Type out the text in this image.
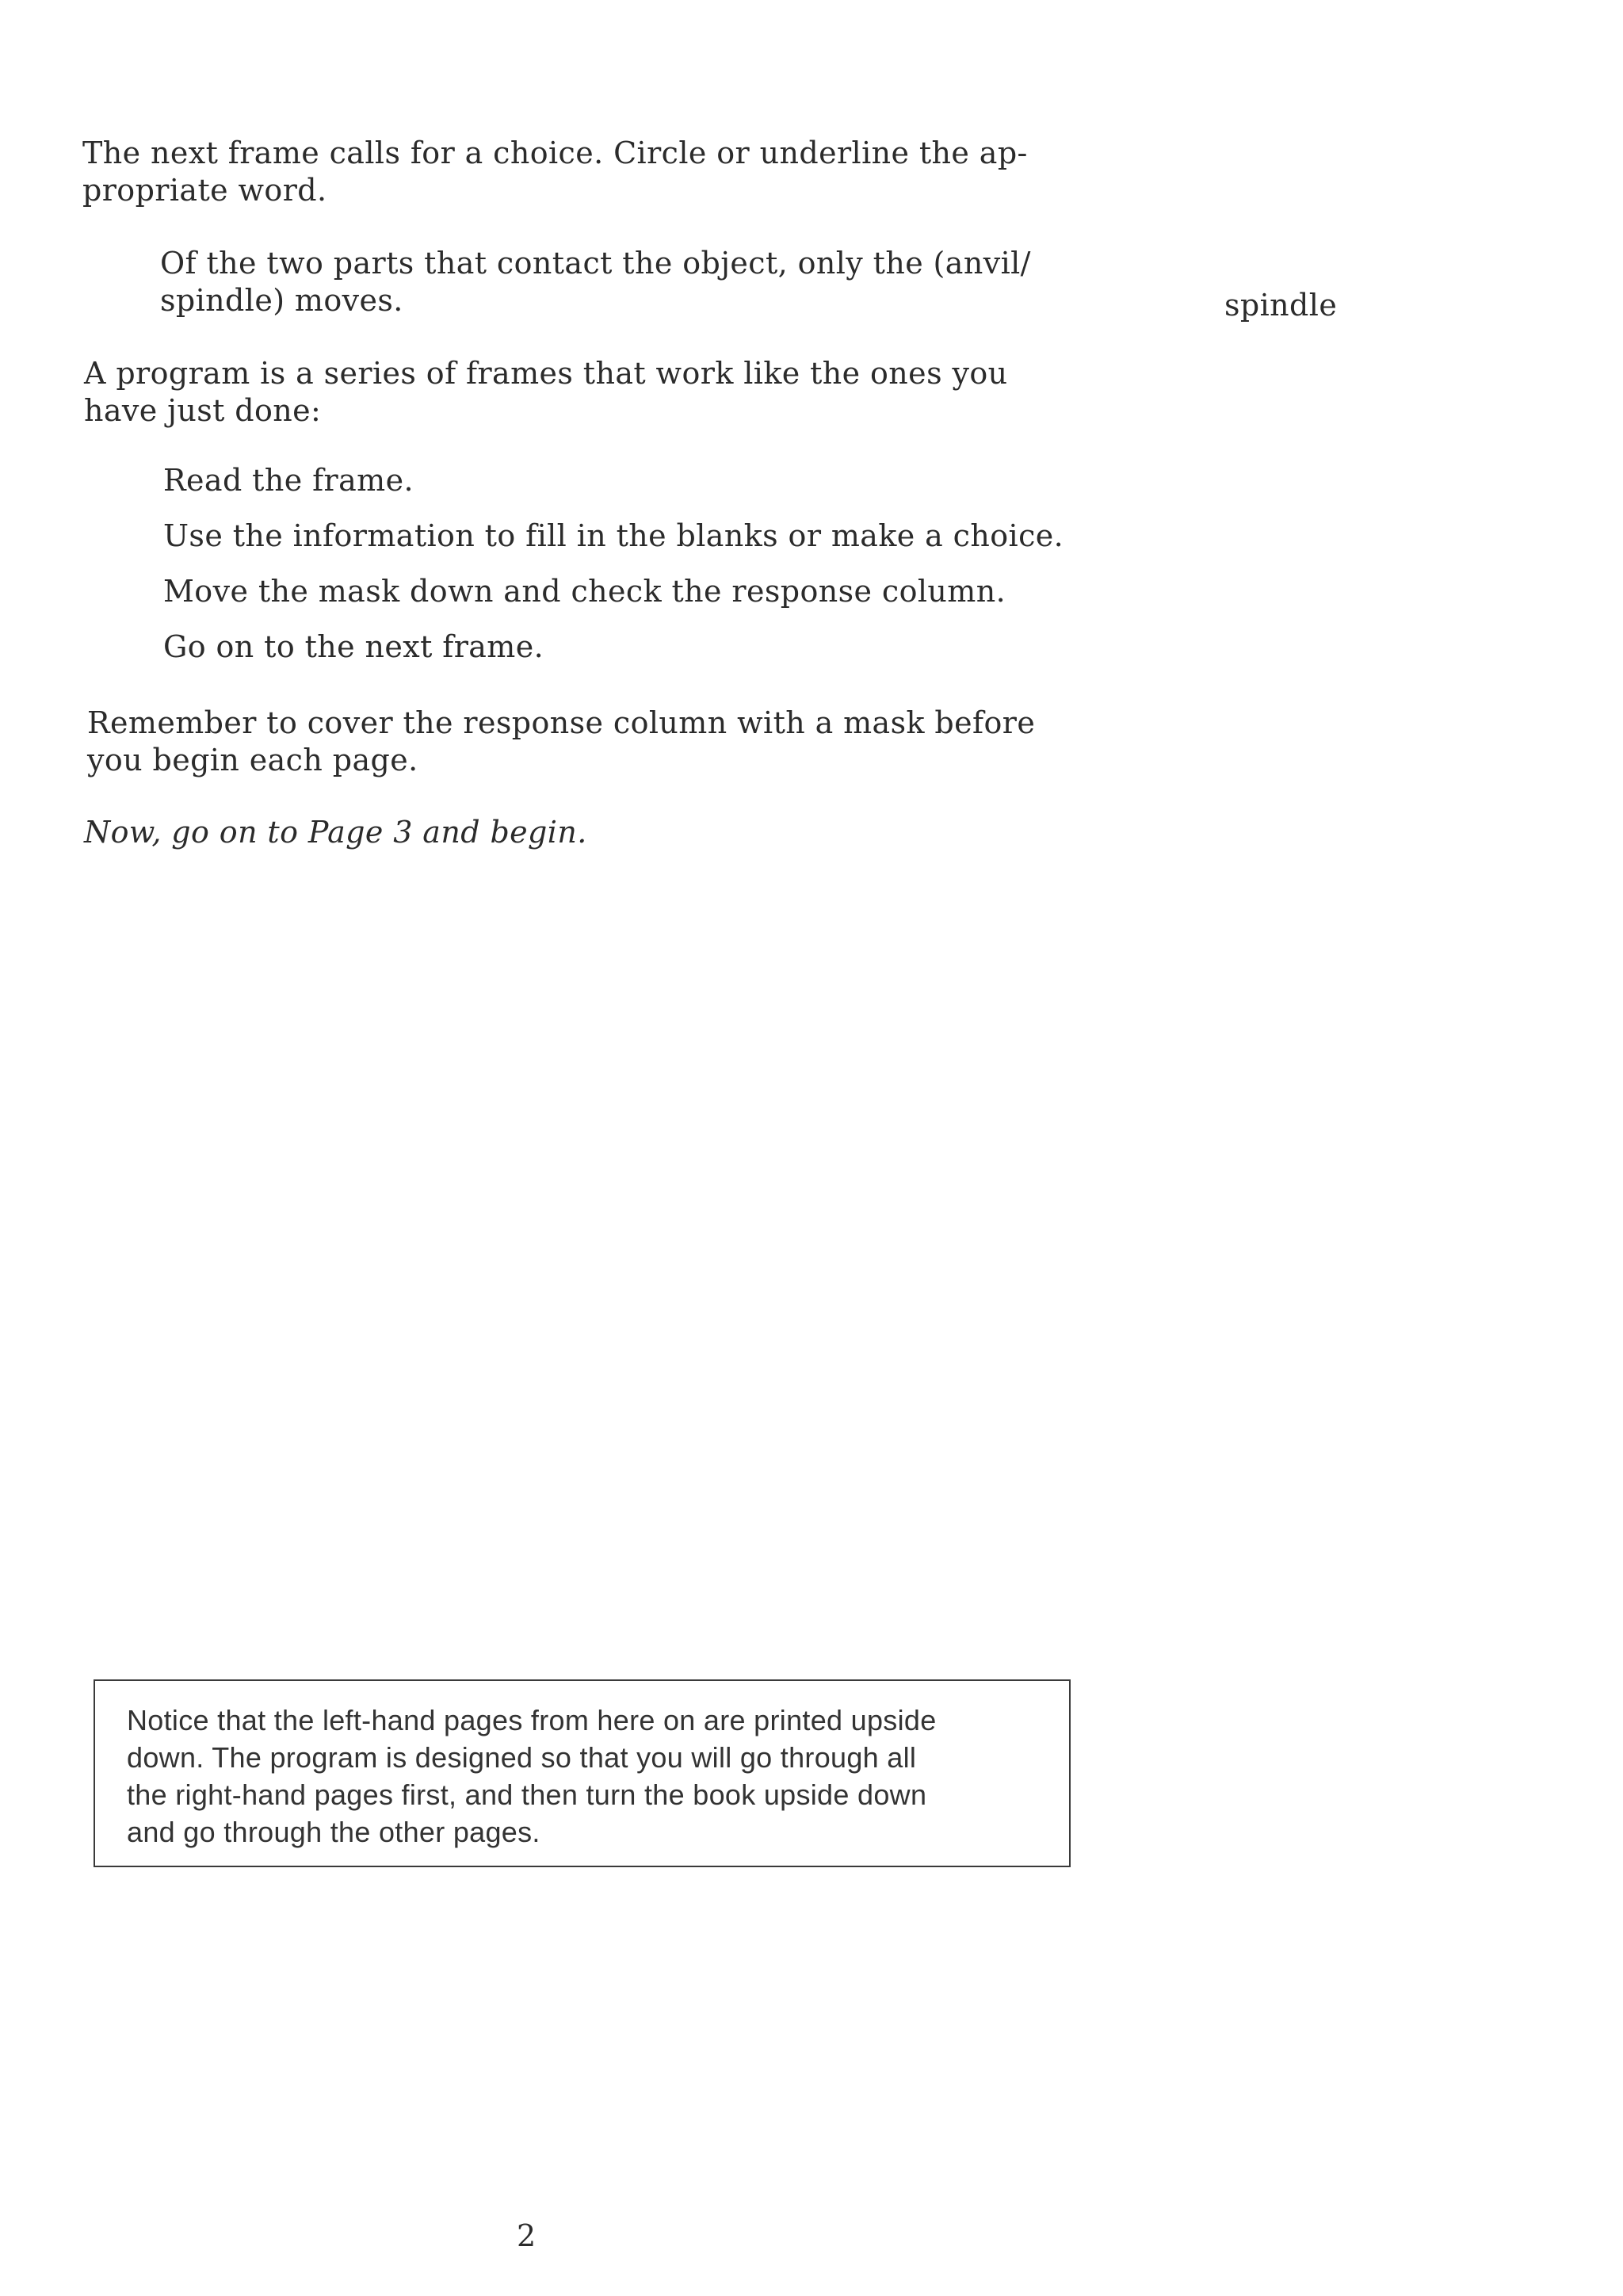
The next frame calls for a choice. Circle or underline the ap-
propriate word.

Of the two parts that contact the object, only the (anvil/
spindle) moves.	spindle

A program is a series of frames that work like the ones you
have just done:

Read the frame.
Use the information to fill in the blanks or make a choice.
Move the mask down and check the response column.
Go on to the next frame.

Remember to cover the response column with a mask before
you begin each page.

Now, go on to Page 3 and begin.

Notice that the left-hand pages from here on are printed upside
down. The program is designed so that you will go through all
the right-hand pages first, and then turn the book upside down
and go through the other pages.

2
